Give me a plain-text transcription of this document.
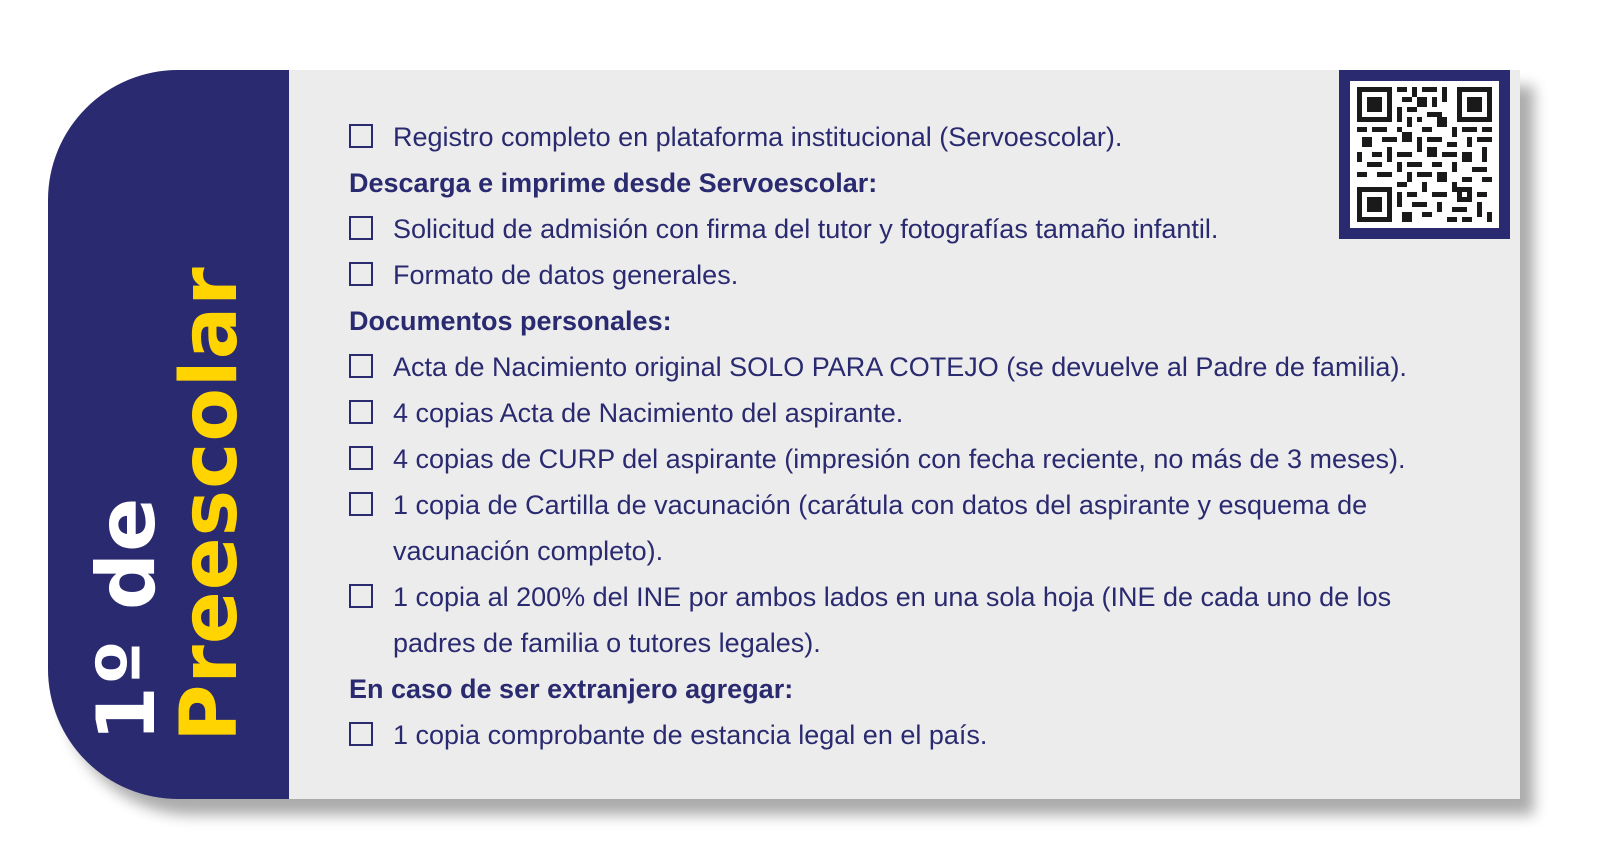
1º de
Preescolar
Registro completo en plataforma institucional (Servoescolar).
Descarga e imprime desde Servoescolar:
Solicitud de admisión con firma del tutor y fotografías tamaño infantil.
Formato de datos generales.
Documentos personales:
Acta de Nacimiento original SOLO PARA COTEJO (se devuelve al Padre de familia).
4 copias Acta de Nacimiento del aspirante.
4 copias de CURP del aspirante (impresión con fecha reciente, no más de 3 meses).
1 copia de Cartilla de vacunación (carátula con datos del aspirante y esquema de vacunación completo).
1 copia al 200% del INE por ambos lados en una sola hoja (INE de cada uno de los padres de familia o tutores legales).
En caso de ser extranjero agregar:
1 copia comprobante de estancia legal en el país.
